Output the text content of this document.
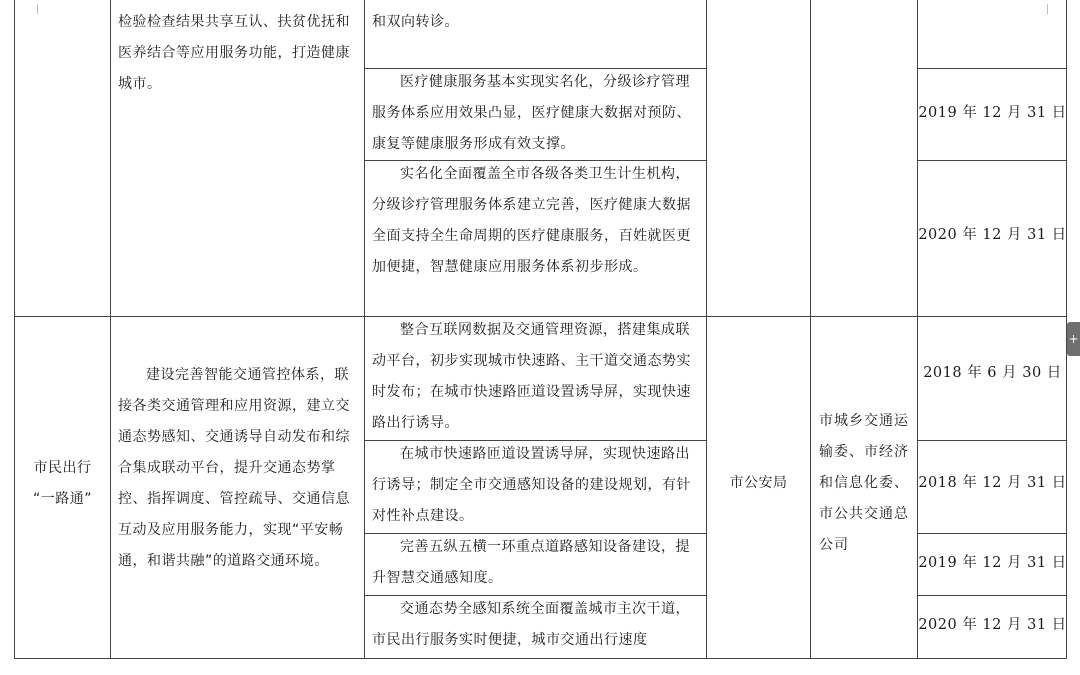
检验检查结果共享互认、扶贫优抚和医养结合等应用服务功能，打造健康城市。
和双向转诊。
医疗健康服务基本实现实名化，分级诊疗管理服务体系应用效果凸显，医疗健康大数据对预防、康复等健康服务形成有效支撑。
2019 年 12 月 31 日
实名化全面覆盖全市各级各类卫生计生机构，分级诊疗管理服务体系建立完善，医疗健康大数据全面支持全生命周期的医疗健康服务，百姓就医更加便捷，智慧健康应用服务体系初步形成。
2020 年 12 月 31 日
市民出行
“一路通”
建设完善智能交通管控体系，联接各类交通管理和应用资源，建立交通态势感知、交通诱导自动发布和综合集成联动平台，提升交通态势掌控、指挥调度、管控疏导、交通信息互动及应用服务能力，实现“平安畅通，和谐共融”的道路交通环境。
整合互联网数据及交通管理资源，搭建集成联动平台，初步实现城市快速路、主干道交通态势实时发布；在城市快速路匝道设置诱导屏，实现快速路出行诱导。
2018 年 6 月 30 日
在城市快速路匝道设置诱导屏，实现快速路出行诱导；制定全市交通感知设备的建设规划，有针对性补点建设。
2018 年 12 月 31 日
完善五纵五横一环重点道路感知设备建设，提升智慧交通感知度。
2019 年 12 月 31 日
交通态势全感知系统全面覆盖城市主次干道，市民出行服务实时便捷，城市交通出行速度
2020 年 12 月 31 日
市公安局
市城乡交通运输委、市经济和信息化委、市公共交通总公司
+
